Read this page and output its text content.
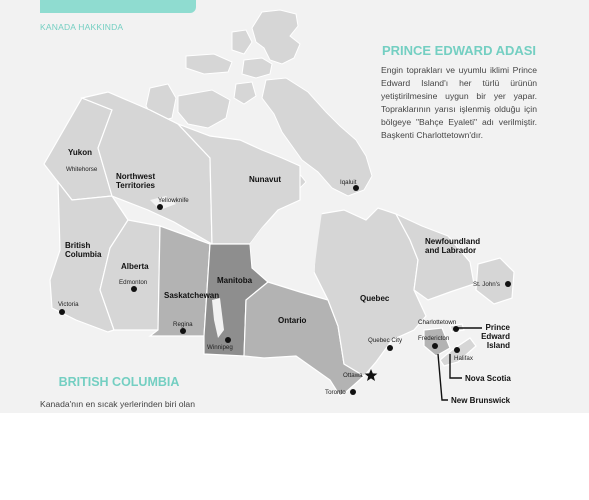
KANADA HAKKINDA
Yukon
Northwest
Territories
Nunavut
British
Columbia
Alberta
Saskatchewan
Manitoba
Ontario
Quebec
Newfoundland
and Labrador
Whitehorse
Yellowknife
Iqaluit
Edmonton
Victoria
Regina
Winnipeg
Toronto
Ottawa
Quebec City
Charlottetown
Fredericton
Halifax
St. John's
Prince
Edward
Island
Nova Scotia
New Brunswick
PRINCE EDWARD ADASI
Engin toprakları ve uyumlu iklimi Prince Edward Island'ı her türlü ürünün yetiştirilmesine uygun bir yer yapar. Topraklarının yarısı işlenmiş olduğu için bölgeye "Bahçe Eyaleti" adı verilmiştir. Başkenti Charlottetown'dır.
BRITISH COLUMBIA
Kanada'nın en sıcak yerlerinden biri olan
